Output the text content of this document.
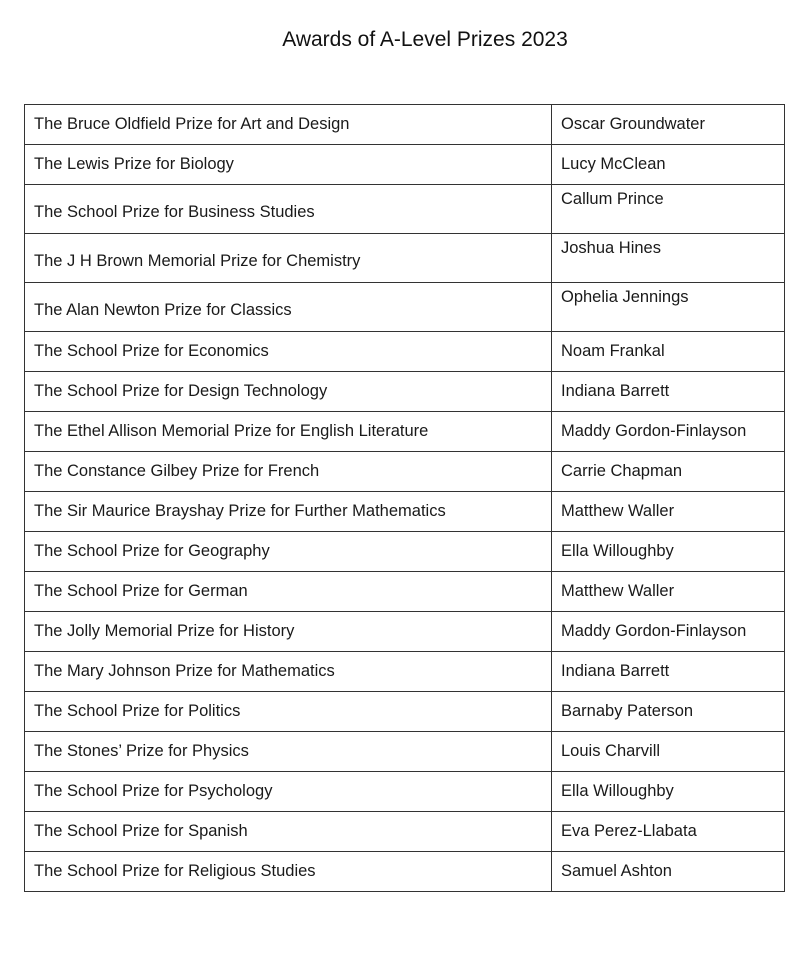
Awards of A-Level Prizes 2023
The Bruce Oldfield Prize for Art and Design	Oscar Groundwater
The Lewis Prize for Biology	Lucy McClean
The School Prize for Business Studies	Callum Prince
The J H Brown Memorial Prize for Chemistry	Joshua Hines
The Alan Newton Prize for Classics	Ophelia Jennings
The School Prize for Economics	Noam Frankal
The School Prize for Design Technology	Indiana Barrett
The Ethel Allison Memorial Prize for English Literature	Maddy Gordon-Finlayson
The Constance Gilbey Prize for French	Carrie Chapman
The Sir Maurice Brayshay Prize for Further Mathematics	Matthew Waller
The School Prize for Geography	Ella Willoughby
The School Prize for German	Matthew Waller
The Jolly Memorial Prize for History	Maddy Gordon-Finlayson
The Mary Johnson Prize for Mathematics	Indiana Barrett
The School Prize for Politics	Barnaby Paterson
The Stones’ Prize for Physics	Louis Charvill
The School Prize for Psychology	Ella Willoughby
The School Prize for Spanish	Eva Perez-Llabata
The School Prize for Religious Studies	Samuel Ashton
